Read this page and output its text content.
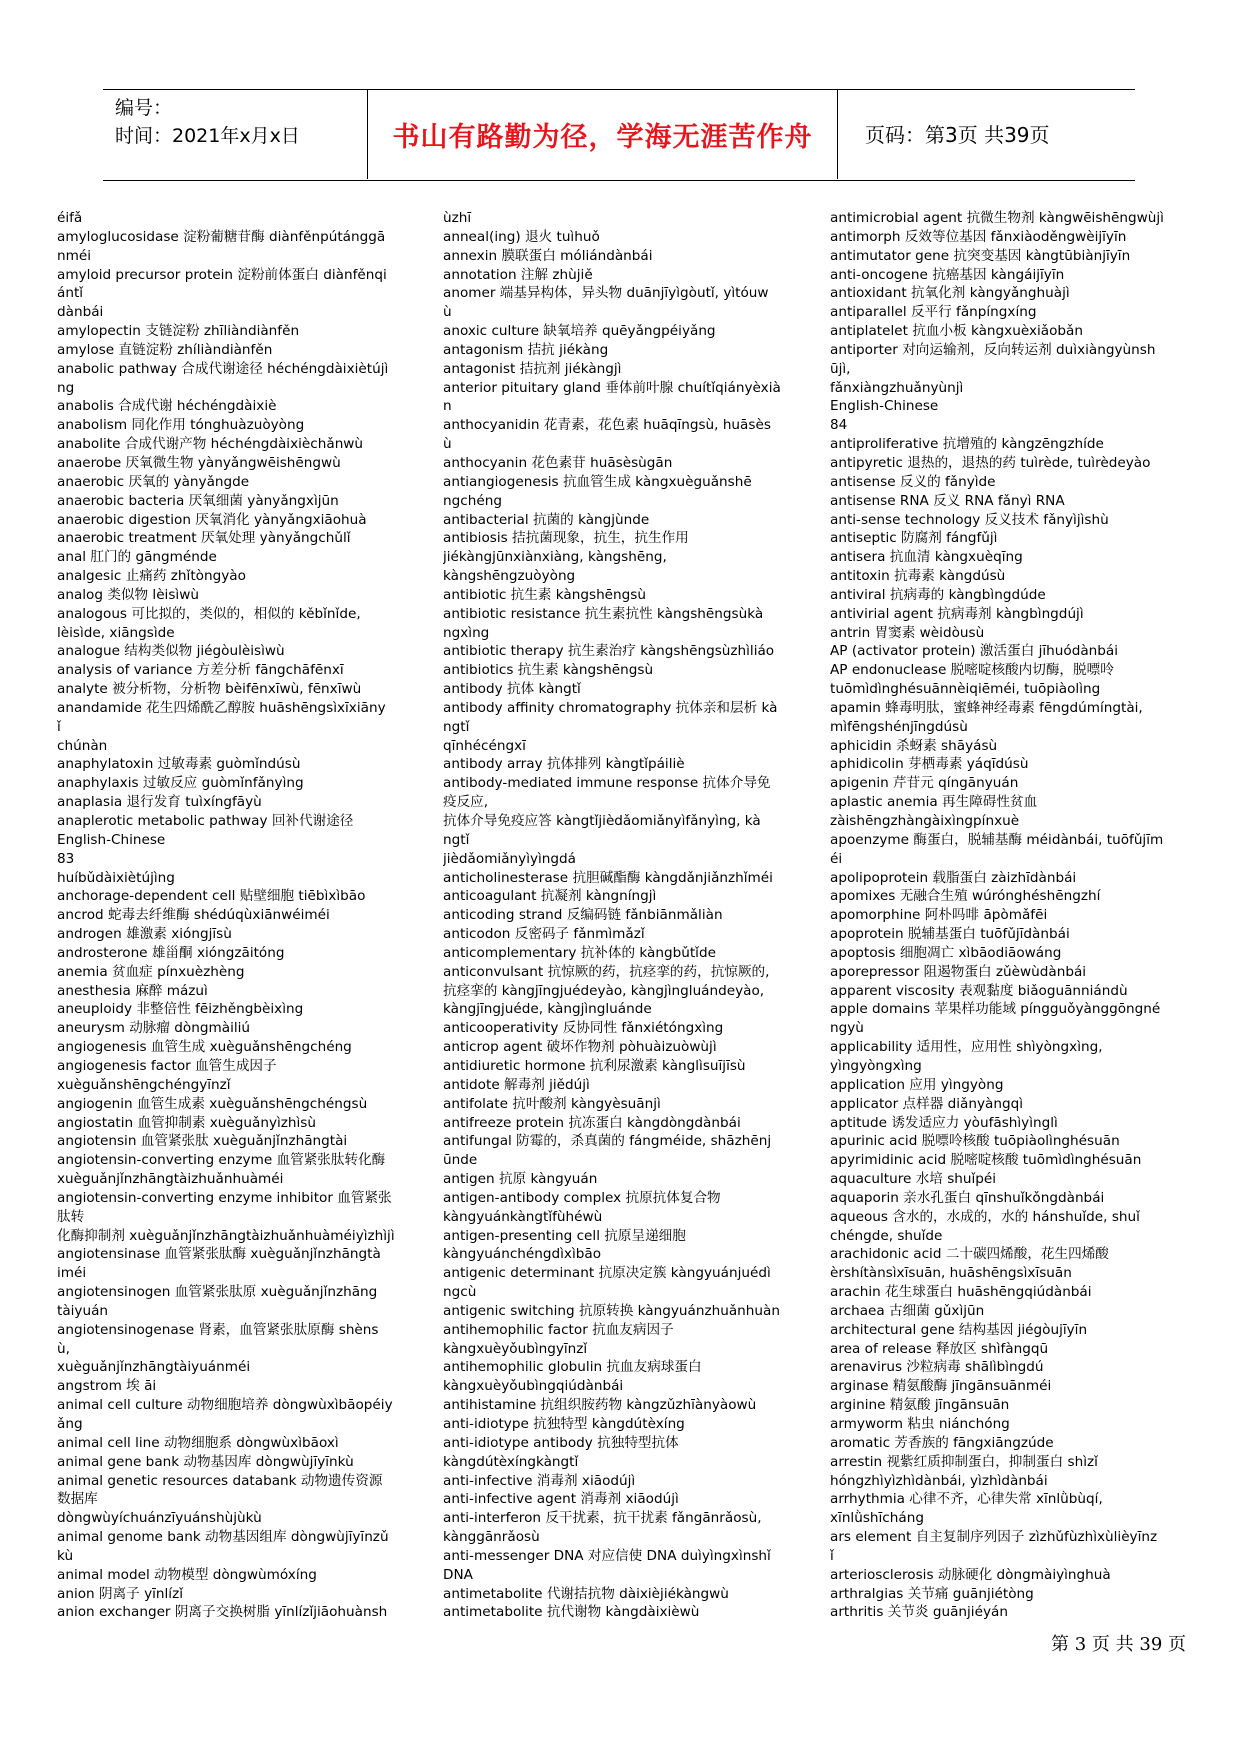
编号：
时间：2021年x月x日	书山有路勤为径，学海无涯苦作舟	页码：第3页 共39页
éifǎ
amyloglucosidase 淀粉葡糖苷酶 diànfěnpútánggā
nméi
amyloid precursor protein 淀粉前体蛋白 diànfěnqi
ántǐ
dànbái
amylopectin 支链淀粉 zhīliàndiànfěn
amylose 直链淀粉 zhíliàndiànfěn
anabolic pathway 合成代谢途径 héchéngdàixiètújì
ng
anabolis 合成代谢 héchéngdàixiè
anabolism 同化作用 tónghuàzuòyòng
anabolite 合成代谢产物 héchéngdàixièchǎnwù
anaerobe 厌氧微生物 yànyǎngwēishēngwù
anaerobic 厌氧的 yànyǎngde
anaerobic bacteria 厌氧细菌 yànyǎngxìjūn
anaerobic digestion 厌氧消化 yànyǎngxiāohuà
anaerobic treatment 厌氧处理 yànyǎngchǔlǐ
anal 肛门的 gāngménde
analgesic 止痛药 zhǐtòngyào
analog 类似物 lèisìwù
analogous 可比拟的，类似的，相似的 kěbǐnǐde,
lèisìde, xiāngsìde
analogue 结构类似物 jiégòulèisìwù
analysis of variance 方差分析 fāngchāfēnxī
analyte 被分析物，分析物 bèifēnxīwù, fēnxīwù
anandamide 花生四烯酰乙醇胺 huāshēngsìxīxiāny
ǐ
chúnàn
anaphylatoxin 过敏毒素 guòmǐndúsù
anaphylaxis 过敏反应 guòmǐnfǎnyìng
anaplasia 退行发育 tuìxíngfāyù
anaplerotic metabolic pathway 回补代谢途径
English-Chinese
83
huíbǔdàixiètújìng
anchorage-dependent cell 贴壁细胞 tiēbìxìbāo
ancrod 蛇毒去纤维酶 shédúqùxiānwéiméi
androgen 雄激素 xióngjīsù
androsterone 雄甾酮 xióngzāitóng
anemia 贫血症 pínxuèzhèng
anesthesia 麻醉 mázuì
aneuploidy 非整倍性 fēizhěngbèixìng
aneurysm 动脉瘤 dòngmàiliú
angiogenesis 血管生成 xuèguǎnshēngchéng
angiogenesis factor 血管生成因子
xuèguǎnshēngchéngyīnzǐ
angiogenin 血管生成素 xuèguǎnshēngchéngsù
angiostatin 血管抑制素 xuèguǎnyìzhìsù
angiotensin 血管紧张肽 xuèguǎnjǐnzhāngtài
angiotensin-converting enzyme 血管紧张肽转化酶
xuèguǎnjǐnzhāngtàizhuǎnhuàméi
angiotensin-converting enzyme inhibitor 血管紧张
肽转
化酶抑制剂 xuèguǎnjǐnzhāngtàizhuǎnhuàméiyìzhìjì
angiotensinase 血管紧张肽酶 xuèguǎnjǐnzhāngtà
iméi
angiotensinogen 血管紧张肽原 xuèguǎnjǐnzhāng
tàiyuán
angiotensinogenase 肾素，血管紧张肽原酶 shèns
ù,
xuèguǎnjǐnzhāngtàiyuánméi
angstrom 埃 āi
animal cell culture 动物细胞培养 dòngwùxìbāopéiy
ǎng
animal cell line 动物细胞系 dòngwùxìbāoxì
animal gene bank 动物基因库 dòngwùjīyīnkù
animal genetic resources databank 动物遗传资源
数据库
dòngwùyíchuánzīyuánshùjùkù
animal genome bank 动物基因组库 dòngwùjīyīnzǔ
kù
animal model 动物模型 dòngwùmóxíng
anion 阴离子 yīnlízǐ
anion exchanger 阴离子交换树脂 yīnlízǐjiāohuànsh
ùzhī
anneal(ing) 退火 tuìhuǒ
annexin 膜联蛋白 móliándànbái
annotation 注解 zhùjiě
anomer 端基异构体，异头物 duānjīyìgòutǐ, yìtóuw
ù
anoxic culture 缺氧培养 quēyǎngpéiyǎng
antagonism 拮抗 jiékàng
antagonist 拮抗剂 jiékàngjì
anterior pituitary gland 垂体前叶腺 chuítǐqiányèxià
n
anthocyanidin 花青素，花色素 huāqīngsù, huāsès
ù
anthocyanin 花色素苷 huāsèsùgān
antiangiogenesis 抗血管生成 kàngxuèguǎnshē
ngchéng
antibacterial 抗菌的 kàngjùnde
antibiosis 拮抗菌现象，抗生，抗生作用
jiékàngjūnxiànxiàng, kàngshēng,
kàngshēngzuòyòng
antibiotic 抗生素 kàngshēngsù
antibiotic resistance 抗生素抗性 kàngshēngsùkà
ngxìng
antibiotic therapy 抗生素治疗 kàngshēngsùzhìliáo
antibiotics 抗生素 kàngshēngsù
antibody 抗体 kàngtǐ
antibody affinity chromatography 抗体亲和层析 kà
ngtǐ
qīnhécéngxī
antibody array 抗体排列 kàngtǐpáiliè
antibody-mediated immune response 抗体介导免
疫反应,
抗体介导免疫应答 kàngtǐjièdǎomiǎnyìfǎnyìng, kà
ngtǐ
jièdǎomiǎnyìyìngdá
anticholinesterase 抗胆碱酯酶 kàngdǎnjiǎnzhǐméi
anticoagulant 抗凝剂 kàngníngjì
anticoding strand 反编码链 fǎnbiānmǎliàn
anticodon 反密码子 fǎnmìmǎzǐ
anticomplementary 抗补体的 kàngbǔtǐde
anticonvulsant 抗惊厥的药，抗痉挛的药，抗惊厥的,
抗痉挛的 kàngjīngjuédeyào, kàngjìngluándeyào,
kàngjīngjuéde, kàngjìngluánde
anticooperativity 反协同性 fǎnxiétóngxìng
anticrop agent 破坏作物剂 pòhuàizuòwùjì
antidiuretic hormone 抗利尿激素 kànglìsuījīsù
antidote 解毒剂 jiědújì
antifolate 抗叶酸剂 kàngyèsuānjì
antifreeze protein 抗冻蛋白 kàngdòngdànbái
antifungal 防霉的，杀真菌的 fángméide, shāzhēnj
ūnde
antigen 抗原 kàngyuán
antigen-antibody complex 抗原抗体复合物
kàngyuánkàngtǐfùhéwù
antigen-presenting cell 抗原呈递细胞
kàngyuánchéngdìxìbāo
antigenic determinant 抗原决定簇 kàngyuánjuédì
ngcù
antigenic switching 抗原转换 kàngyuánzhuǎnhuàn
antihemophilic factor 抗血友病因子
kàngxuèyǒubìngyīnzǐ
antihemophilic globulin 抗血友病球蛋白
kàngxuèyǒubìngqiúdànbái
antihistamine 抗组织胺药物 kàngzǔzhīànyàowù
anti-idiotype 抗独特型 kàngdútèxíng
anti-idiotype antibody 抗独特型抗体
kàngdútèxíngkàngtǐ
anti-infective 消毒剂 xiāodújì
anti-infective agent 消毒剂 xiāodújì
anti-interferon 反干扰素，抗干扰素 fǎngānrǎosù,
kànggānrǎosù
anti-messenger DNA 对应信使 DNA duìyìngxìnshǐ
DNA
antimetabolite 代谢拮抗物 dàixièjiékàngwù
antimetabolite 抗代谢物 kàngdàixièwù
antimicrobial agent 抗微生物剂 kàngwēishēngwùjì
antimorph 反效等位基因 fǎnxiàoděngwèijīyīn
antimutator gene 抗突变基因 kàngtūbiànjīyīn
anti-oncogene 抗癌基因 kàngáijīyīn
antioxidant 抗氧化剂 kàngyǎnghuàjì
antiparallel 反平行 fǎnpíngxíng
antiplatelet 抗血小板 kàngxuèxiǎobǎn
antiporter 对向运输剂，反向转运剂 duìxiàngyùnsh
ūjì,
fǎnxiàngzhuǎnyùnjì
English-Chinese
84
antiproliferative 抗增殖的 kàngzēngzhíde
antipyretic 退热的，退热的药 tuìrède, tuìrèdeyào
antisense 反义的 fǎnyìde
antisense RNA 反义 RNA fǎnyì RNA
anti-sense technology 反义技术 fǎnyìjìshù
antiseptic 防腐剂 fángfǔjì
antisera 抗血清 kàngxuèqīng
antitoxin 抗毒素 kàngdúsù
antiviral 抗病毒的 kàngbìngdúde
antivirial agent 抗病毒剂 kàngbìngdújì
antrin 胃窦素 wèidòusù
AP (activator protein) 激活蛋白 jīhuódànbái
AP endonuclease 脱嘧啶核酸内切酶，脱嘌呤
tuōmìdìnghésuānnèiqiēméi, tuōpiàolìng
apamin 蜂毒明肽，蜜蜂神经毒素 fēngdúmíngtài,
mìfēngshénjīngdúsù
aphicidin 杀蚜素 shāyásù
aphidicolin 芽栖毒素 yáqīdúsù
apigenin 芹苷元 qíngānyuán
aplastic anemia 再生障碍性贫血
zàishēngzhàngàixìngpínxuè
apoenzyme 酶蛋白，脱辅基酶 méidànbái, tuōfǔjīm
éi
apolipoprotein 载脂蛋白 zàizhīdànbái
apomixes 无融合生殖 wúrónghéshēngzhí
apomorphine 阿朴吗啡 āpòmǎfēi
apoprotein 脱辅基蛋白 tuōfǔjīdànbái
apoptosis 细胞凋亡 xìbāodiāowáng
aporepressor 阻遏物蛋白 zǔèwùdànbái
apparent viscosity 表观黏度 biǎoguānniándù
apple domains 苹果样功能域 píngguǒyànggōngné
ngyù
applicability 适用性，应用性 shìyòngxìng,
yìngyòngxìng
application 应用 yìngyòng
applicator 点样器 diǎnyàngqì
aptitude 诱发适应力 yòufāshìyìnglì
apurinic acid 脱嘌呤核酸 tuōpiàolìnghésuān
apyrimidinic acid 脱嘧啶核酸 tuōmìdìnghésuān
aquaculture 水培 shuǐpéi
aquaporin 亲水孔蛋白 qīnshuǐkǒngdànbái
aqueous 含水的，水成的，水的 hánshuǐde, shuǐ
chéngde, shuǐde
arachidonic acid 二十碳四烯酸，花生四烯酸
èrshítànsìxīsuān, huāshēngsìxīsuān
arachin 花生球蛋白 huāshēngqiúdànbái
archaea 古细菌 gǔxìjūn
architectural gene 结构基因 jiégòujīyīn
area of release 释放区 shìfàngqū
arenavirus 沙粒病毒 shālìbìngdú
arginase 精氨酸酶 jīngānsuānméi
arginine 精氨酸 jīngānsuān
armyworm 粘虫 niánchóng
aromatic 芳香族的 fāngxiāngzúde
arrestin 视紫红质抑制蛋白，抑制蛋白 shìzǐ
hóngzhìyìzhìdànbái, yìzhìdànbái
arrhythmia 心律不齐，心律失常 xīnlǜbùqí,
xīnlǜshīcháng
ars element 自主复制序列因子 zìzhǔfùzhìxùlièyīnz
ǐ
arteriosclerosis 动脉硬化 dòngmàiyìnghuà
arthralgias 关节痛 guānjiétòng
arthritis 关节炎 guānjiéyán
第 3 页 共 39 页
